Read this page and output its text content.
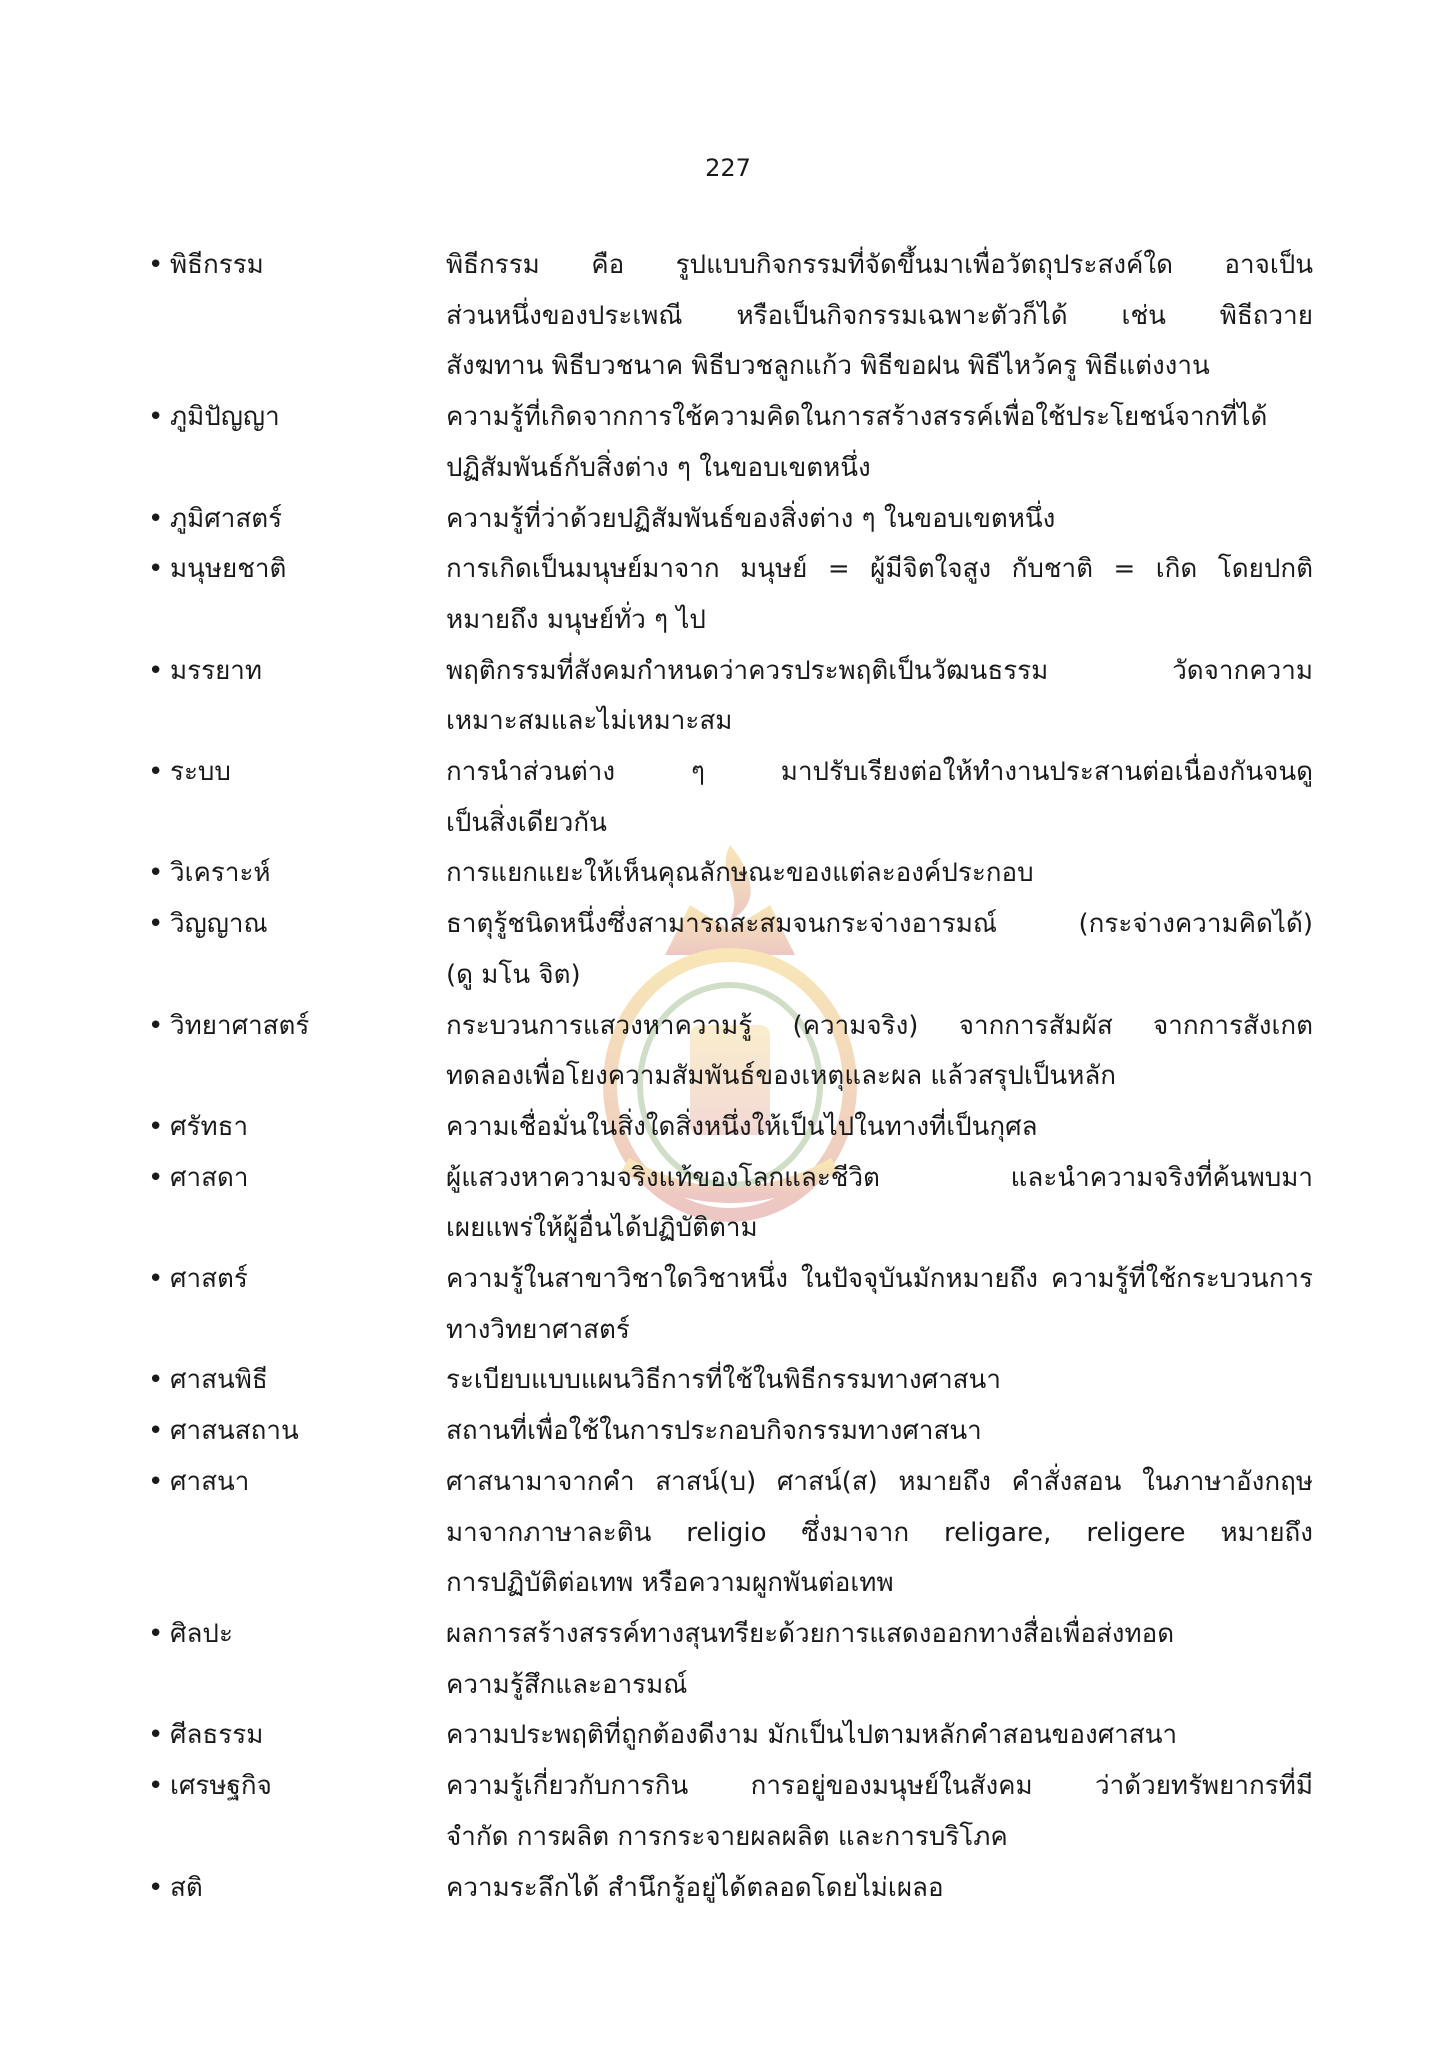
227
• พิธีกรรม	พิธีกรรม คือ รูปแบบกิจกรรมที่จัดขึ้นมาเพื่อวัตถุประสงค์ใด อาจเป็น
ส่วนหนึ่งของประเพณี หรือเป็นกิจกรรมเฉพาะตัวก็ได้ เช่น พิธีถวาย
สังฆทาน พิธีบวชนาค พิธีบวชลูกแก้ว พิธีขอฝน พิธีไหว้ครู พิธีแต่งงาน
• ภูมิปัญญา	ความรู้ที่เกิดจากการใช้ความคิดในการสร้างสรรค์เพื่อใช้ประโยชน์จากที่ได้
ปฏิสัมพันธ์กับสิ่งต่าง ๆ ในขอบเขตหนึ่ง
• ภูมิศาสตร์	ความรู้ที่ว่าด้วยปฏิสัมพันธ์ของสิ่งต่าง ๆ ในขอบเขตหนึ่ง
• มนุษยชาติ	การเกิดเป็นมนุษย์มาจาก มนุษย์ = ผู้มีจิตใจสูง กับชาติ = เกิด โดยปกติ
หมายถึง มนุษย์ทั่ว ๆ ไป
• มรรยาท	พฤติกรรมที่สังคมกำหนดว่าควรประพฤติเป็นวัฒนธรรม วัดจากความ
เหมาะสมและไม่เหมาะสม
• ระบบ	การนำส่วนต่าง ๆ มาปรับเรียงต่อให้ทำงานประสานต่อเนื่องกันจนดู
เป็นสิ่งเดียวกัน
• วิเคราะห์	การแยกแยะให้เห็นคุณลักษณะของแต่ละองค์ประกอบ
• วิญญาณ	ธาตุรู้ชนิดหนึ่งซึ่งสามารถสะสมจนกระจ่างอารมณ์ (กระจ่างความคิดได้)
(ดู มโน จิต)
• วิทยาศาสตร์	กระบวนการแสวงหาความรู้ (ความจริง) จากการสัมผัส จากการสังเกต
ทดลองเพื่อโยงความสัมพันธ์ของเหตุและผล แล้วสรุปเป็นหลัก
• ศรัทธา	ความเชื่อมั่นในสิ่งใดสิ่งหนึ่งให้เป็นไปในทางที่เป็นกุศล
• ศาสดา	ผู้แสวงหาความจริงแท้ของโลกและชีวิต และนำความจริงที่ค้นพบมา
เผยแพร่ให้ผู้อื่นได้ปฏิบัติตาม
• ศาสตร์	ความรู้ในสาขาวิชาใดวิชาหนึ่ง ในปัจจุบันมักหมายถึง ความรู้ที่ใช้กระบวนการ
ทางวิทยาศาสตร์
• ศาสนพิธี	ระเบียบแบบแผนวิธีการที่ใช้ในพิธีกรรมทางศาสนา
• ศาสนสถาน	สถานที่เพื่อใช้ในการประกอบกิจกรรมทางศาสนา
• ศาสนา	ศาสนามาจากคำ สาสน์(บ) ศาสน์(ส) หมายถึง คำสั่งสอน ในภาษาอังกฤษ
มาจากภาษาละติน religio ซึ่งมาจาก religare, religere หมายถึง
การปฏิบัติต่อเทพ หรือความผูกพันต่อเทพ
• ศิลปะ	ผลการสร้างสรรค์ทางสุนทรียะด้วยการแสดงออกทางสื่อเพื่อส่งทอด
ความรู้สึกและอารมณ์
• ศีลธรรม	ความประพฤติที่ถูกต้องดีงาม มักเป็นไปตามหลักคำสอนของศาสนา
• เศรษฐกิจ	ความรู้เกี่ยวกับการกิน การอยู่ของมนุษย์ในสังคม ว่าด้วยทรัพยากรที่มี
จำกัด การผลิต การกระจายผลผลิต และการบริโภค
• สติ	ความระลึกได้ สำนึกรู้อยู่ได้ตลอดโดยไม่เผลอ
